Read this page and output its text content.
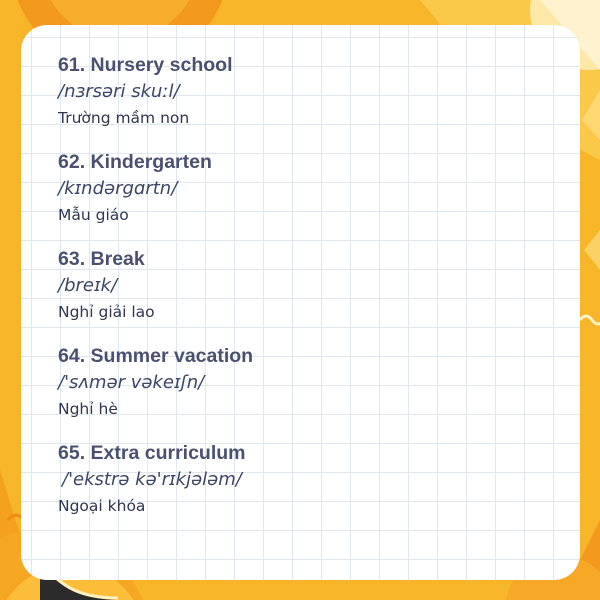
61. Nursery school
/nɜrsəri skuːl/
Trường mầm non
62. Kindergarten
/kɪndərgɑrtn/
Mẫu giáo
63. Break
/breɪk/
Nghỉ giải lao
64. Summer vacation
/'sʌmər vəkeɪʃn/
Nghỉ hè
65. Extra curriculum
/'ekstrə kə'rɪkjələm/
Ngoại khóa
